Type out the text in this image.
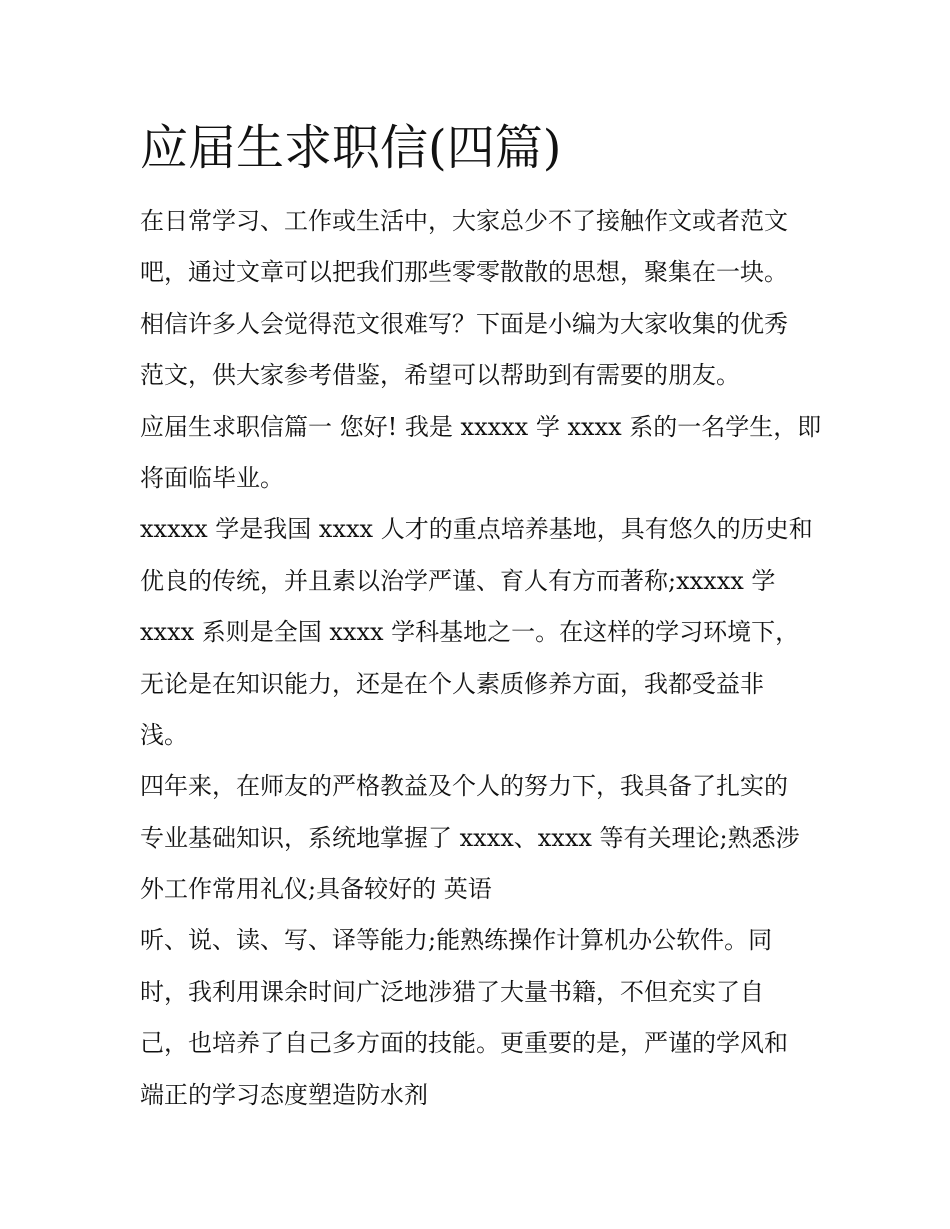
应届生求职信(四篇)
在日常学习、工作或生活中，大家总少不了接触作文或者范文
吧，通过文章可以把我们那些零零散散的思想，聚集在一块。
相信许多人会觉得范文很难写？下面是小编为大家收集的优秀
范文，供大家参考借鉴，希望可以帮助到有需要的朋友。
应届生求职信篇一 您好! 我是 xxxxx 学 xxxx 系的一名学生，即
将面临毕业。
xxxxx 学是我国 xxxx 人才的重点培养基地，具有悠久的历史和
优良的传统，并且素以治学严谨、育人有方而著称;xxxxx 学
xxxx 系则是全国 xxxx 学科基地之一。在这样的学习环境下，
无论是在知识能力，还是在个人素质修养方面，我都受益非
浅。
四年来，在师友的严格教益及个人的努力下，我具备了扎实的
专业基础知识，系统地掌握了 xxxx、xxxx 等有关理论;熟悉涉
外工作常用礼仪;具备较好的 英语
听、说、读、写、译等能力;能熟练操作计算机办公软件。同
时，我利用课余时间广泛地涉猎了大量书籍，不但充实了自
己，也培养了自己多方面的技能。更重要的是，严谨的学风和
端正的学习态度塑造防水剂
